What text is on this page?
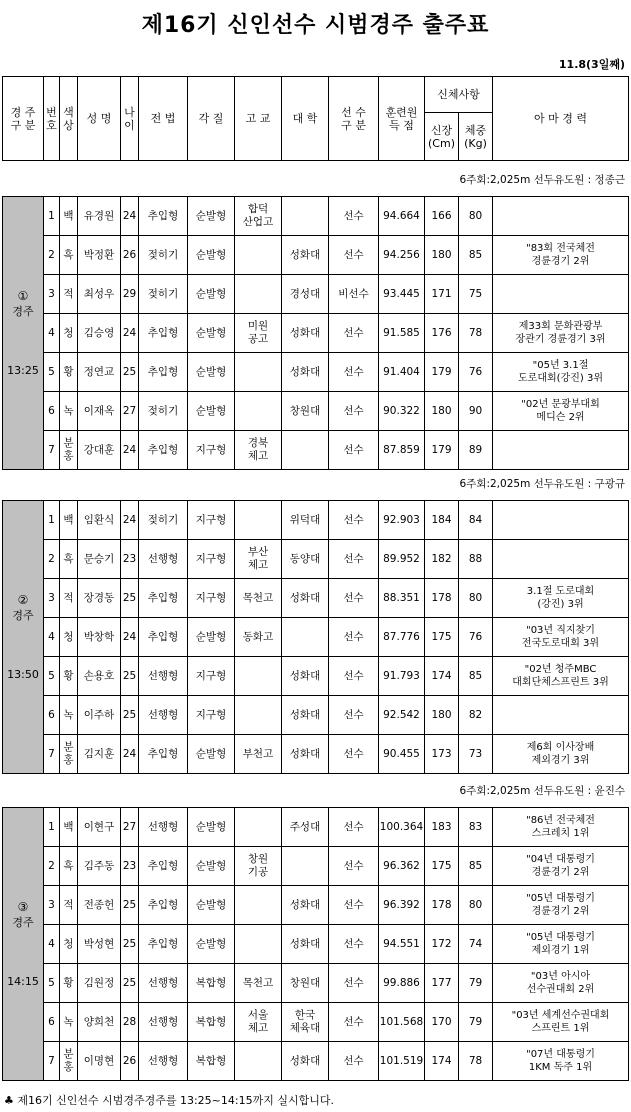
제16기 신인선수 시범경주 출주표
11.8(3일째)
경 주
구 분	번
호	색
상	성 명	나
이	전 법	각 질	고 교	대 학	선 수
구 분	훈련원
득 점	신체사항		아 마 경 력
											신장
(Cm)	체중
(Kg)	
6주회:2,025m 선두유도원 : 정종근
①
경주
13:25	1	백	유경원	24	추입형	순발형	합덕
산업고		선수	94.664	166	80	
	2	흑	박정환	26	젖히기	순발형		성화대	선수	94.256	180	85	"83회 전국체전
경륜경기 2위
	3	적	최성우	29	젖히기	순발형		경성대	비선수	93.445	171	75	
	4	청	김승영	24	추입형	순발형	미원
공고	성화대	선수	91.585	176	78	제33회 문화관광부
장관기 경륜경기 3위
	5	황	정연교	25	추입형	순발형		성화대	선수	91.404	179	76	"05년 3.1절
도로대회(강진) 3위
	6	녹	이재옥	27	젖히기	순발형		창원대	선수	90.322	180	90	"02년 문광부대회
메디슨 2위
	7	분
홍	강대훈	24	추입형	지구형	경북
체고		선수	87.859	179	89	
6주회:2,025m 선두유도원 : 구광규
②
경주
13:50	1	백	임환식	24	젖히기	지구형		위덕대	선수	92.903	184	84	
	2	흑	문승기	23	선행형	지구형	부산
체고	동양대	선수	89.952	182	88	
	3	적	장경동	25	추입형	지구형	목천고	성화대	선수	88.351	178	80	3.1절 도로대회
(강진) 3위
	4	청	박창학	24	추입형	순발형	동화고		선수	87.776	175	76	"03년 직지찾기
전국도로대회 3위
	5	황	손용호	25	선행형	지구형		성화대	선수	91.793	174	85	"02년 청주MBC
대회단체스프린트 3위
	6	녹	이주하	25	선행형	지구형		성화대	선수	92.542	180	82	
	7	분
홍	김지훈	24	추입형	순발형	부천고	성화대	선수	90.455	173	73	제6회 이사장배
제외경기 3위
6주회:2,025m 선두유도원 : 윤진수
③
경주
14:15	1	백	이현구	27	선행형	순발형		주성대	선수	100.364	183	83	"86년 전국체전
스크레치 1위
	2	흑	김주동	23	추입형	순발형	창원
기공		선수	96.362	175	85	"04년 대통령기
경륜경기 2위
	3	적	전종헌	25	추입형	순발형		성화대	선수	96.392	178	80	"05년 대통령기
경륜경기 2위
	4	청	박성현	25	추입형	순발형		성화대	선수	94.551	172	74	"05년 대통령기
제외경기 1위
	5	황	김원정	25	선행형	복합형	목천고	창원대	선수	99.886	177	79	"03년 아시아
선수권대회 2위
	6	녹	양희천	28	선행형	복합형	서울
체고	한국
체육대	선수	101.568	170	79	"03년 세계선수권대회
스프린트 1위
	7	분
홍	이명현	26	선행형	복합형		성화대	선수	101.519	174	78	"07년 대통령기
1KM 독주 1위
♣ 제16기 신인선수 시범경주경주를 13:25~14:15까지 실시합니다.
